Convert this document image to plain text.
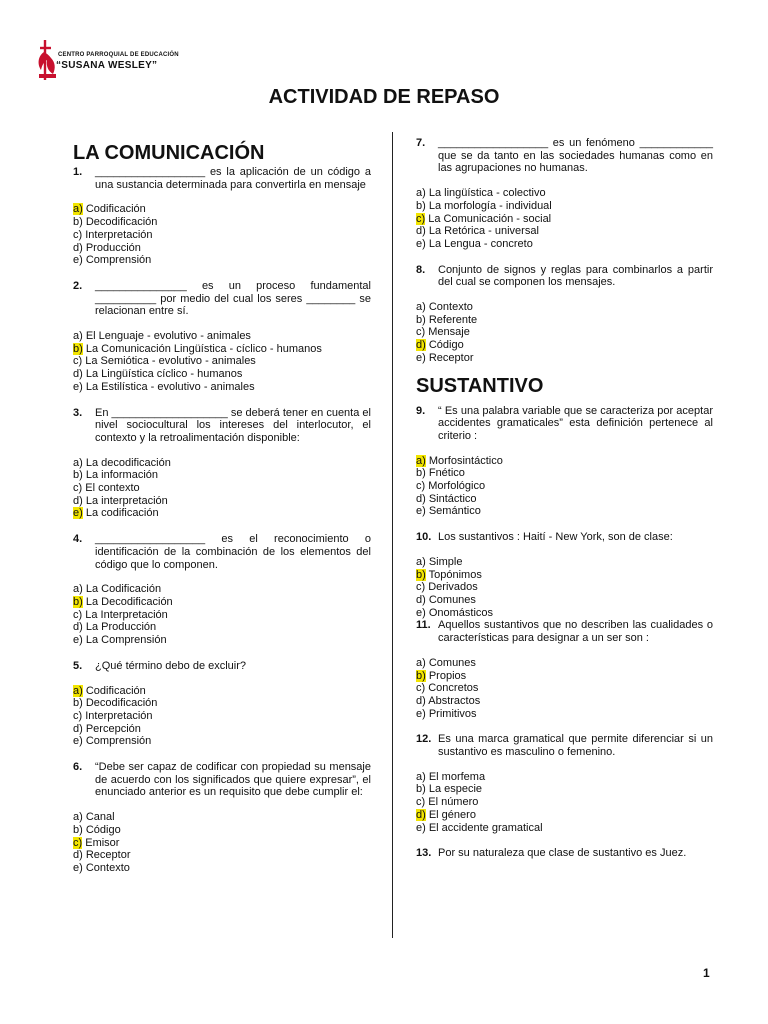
CENTRO PARROQUIAL DE EDUCACIÓN
“SUSANA WESLEY”
ACTIVIDAD DE REPASO
LA COMUNICACIÓN
1.	__________________ es la aplicación de un código a una sustancia determinada para convertirla en mensaje
a) Codificación
b) Decodificación
c) Interpretación
d) Producción
e) Comprensión
2.	_______________ es un proceso fundamental __________ por medio del cual los seres ________ se relacionan entre sí.
a) El Lenguaje - evolutivo - animales
b) La Comunicación Lingüística - cíclico - humanos
c) La Semiótica - evolutivo - animales
d) La Lingüística cíclico - humanos
e) La Estilística - evolutivo - animales
3.	En ___________________ se deberá tener en cuenta el nivel sociocultural los intereses del interlocutor, el contexto y la retroalimentación disponible:
a) La decodificación
b) La información
c) El contexto
d) La interpretación
e) La codificación
4.	__________________ es el reconocimiento o identificación de la combinación de los elementos del código que lo componen.
a) La Codificación
b) La Decodificación
c) La Interpretación
d) La Producción
e) La Comprensión
5.	¿Qué término debo de excluir?
a) Codificación
b) Decodificación
c) Interpretación
d) Percepción
e) Comprensión
6.	“Debe ser capaz de codificar con propiedad su mensaje de acuerdo con los significados que quiere expresar”, el enunciado anterior es un requisito que debe cumplir el:
a) Canal
b) Código
c) Emisor
d) Receptor
e) Contexto
7.	__________________ es un fenómeno ____________ que se da tanto en las sociedades humanas como en las agrupaciones no humanas.
a) La lingüística - colectivo
b) La morfología - individual
c) La Comunicación - social
d) La Retórica - universal
e) La Lengua - concreto
8.	Conjunto de signos y reglas para combinarlos a partir del cual se componen los mensajes.
a) Contexto
b) Referente
c) Mensaje
d) Código
e) Receptor
SUSTANTIVO
9.	“ Es una palabra variable que se caracteriza por aceptar accidentes gramaticales” esta definición pertenece al criterio :
a) Morfosintáctico
b) Fnético
c) Morfológico
d) Sintáctico
e) Semántico
10. Los sustantivos : Haití - New York, son de clase:
a) Simple
b) Topónimos
c) Derivados
d) Comunes
e) Onomásticos
11. Aquellos sustantivos que no describen las cualidades o características para designar a un ser son :
a) Comunes
b) Propios
c) Concretos
d) Abstractos
e) Primitivos
12. Es una marca gramatical que permite diferenciar si un sustantivo es masculino o femenino.
a) El morfema
b) La especie
c) El número
d) El género
e) El accidente gramatical
13. Por su naturaleza que clase de sustantivo es Juez.
1
